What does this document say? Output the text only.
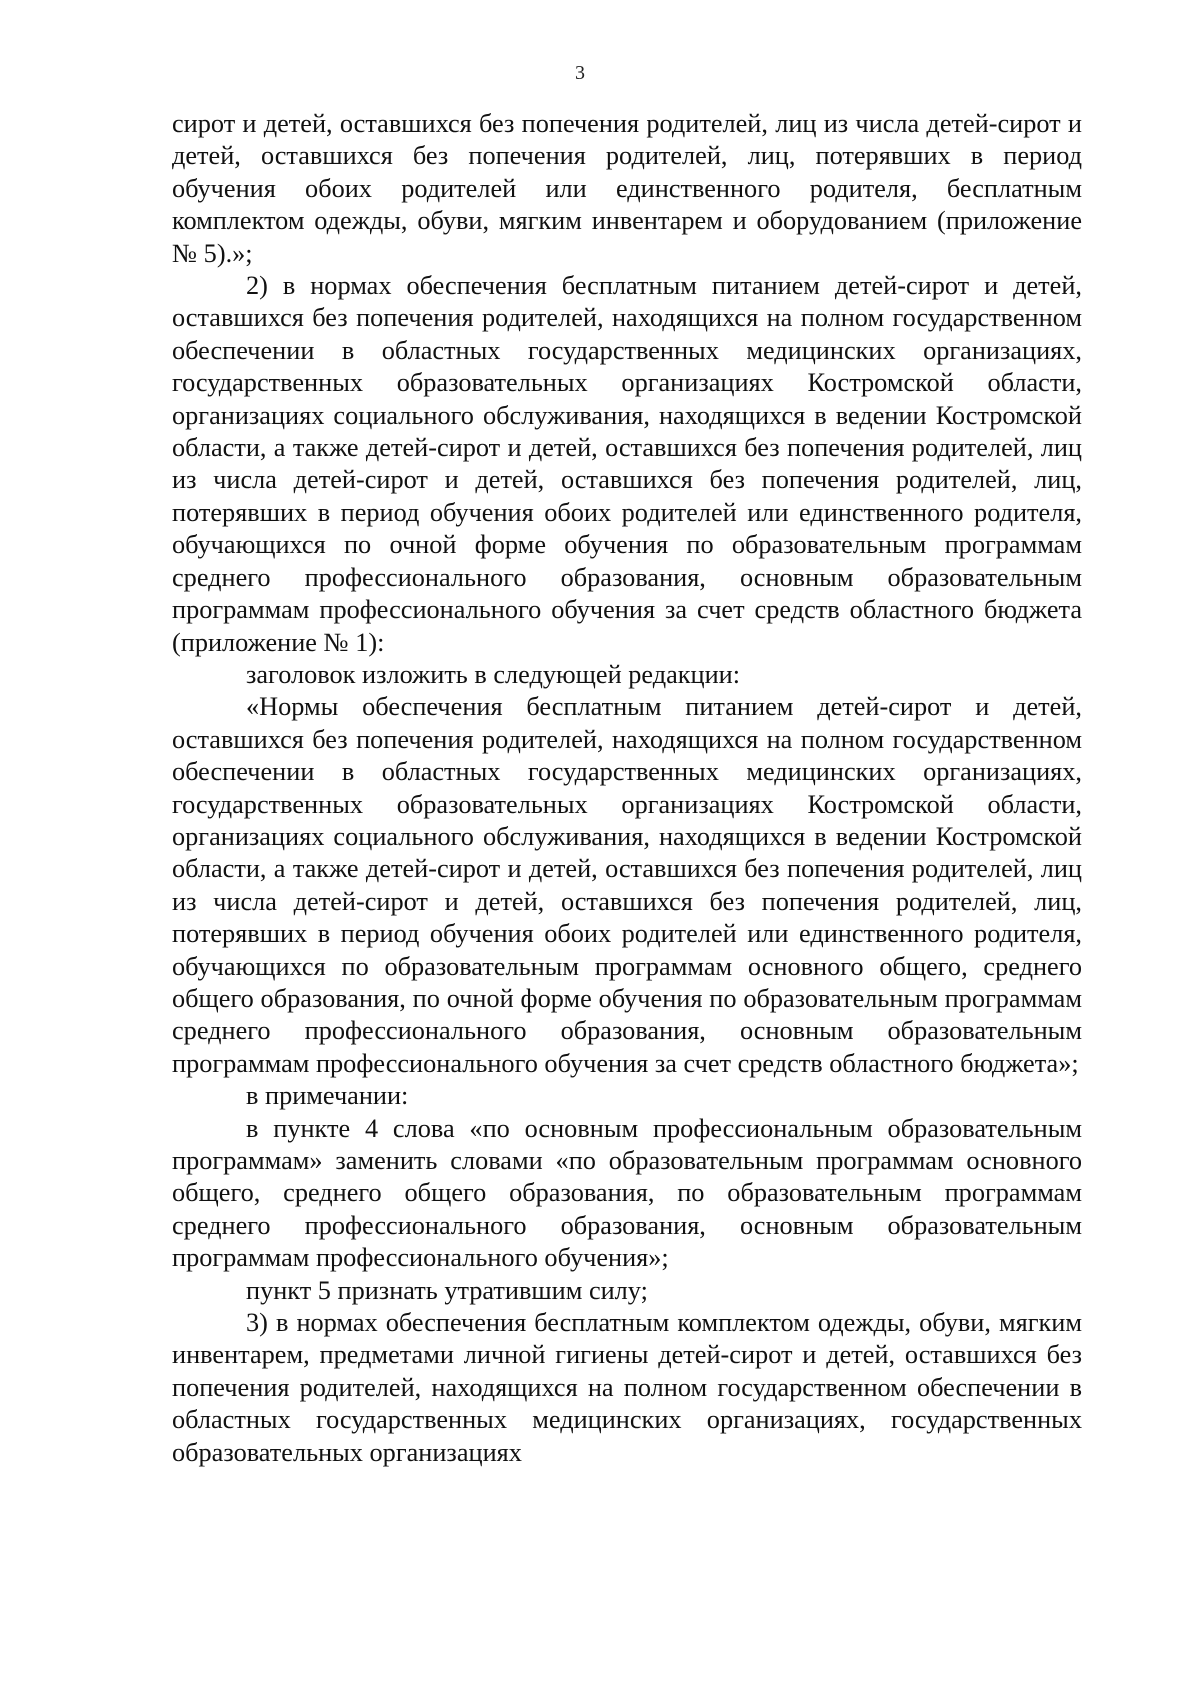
3

сирот и детей, оставшихся без попечения родителей, лиц из числа детей-сирот и детей, оставшихся без попечения родителей, лиц, потерявших в период обучения обоих родителей или единственного родителя, бесплатным комплектом одежды, обуви, мягким инвентарем и оборудованием (приложение № 5).»;

2) в нормах обеспечения бесплатным питанием детей-сирот и детей, оставшихся без попечения родителей, находящихся на полном государственном обеспечении в областных государственных медицинских организациях, государственных образовательных организациях Костромской области, организациях социального обслуживания, находящихся в ведении Костромской области, а также детей-сирот и детей, оставшихся без попечения родителей, лиц из числа детей-сирот и детей, оставшихся без попечения родителей, лиц, потерявших в период обучения обоих родителей или единственного родителя, обучающихся по очной форме обучения по образовательным программам среднего профессионального образования, основным образовательным программам профессионального обучения за счет средств областного бюджета (приложение № 1):

заголовок изложить в следующей редакции:

«Нормы обеспечения бесплатным питанием детей-сирот и детей, оставшихся без попечения родителей, находящихся на полном государственном обеспечении в областных государственных медицинских организациях, государственных образовательных организациях Костромской области, организациях социального обслуживания, находящихся в ведении Костромской области, а также детей-сирот и детей, оставшихся без попечения родителей, лиц из числа детей-сирот и детей, оставшихся без попечения родителей, лиц, потерявших в период обучения обоих родителей или единственного родителя, обучающихся по образовательным программам основного общего, среднего общего образования, по очной форме обучения по образовательным программам среднего профессионального образования, основным образовательным программам профессионального обучения за счет средств областного бюджета»;

в примечании:

в пункте 4 слова «по основным профессиональным образовательным программам» заменить словами «по образовательным программам основного общего, среднего общего образования, по образовательным программам среднего профессионального образования, основным образовательным программам профессионального обучения»;

пункт 5 признать утратившим силу;

3) в нормах обеспечения бесплатным комплектом одежды, обуви, мягким инвентарем, предметами личной гигиены детей-сирот и детей, оставшихся без попечения родителей, находящихся на полном государственном обеспечении в областных государственных медицинских организациях, государственных образовательных организациях
